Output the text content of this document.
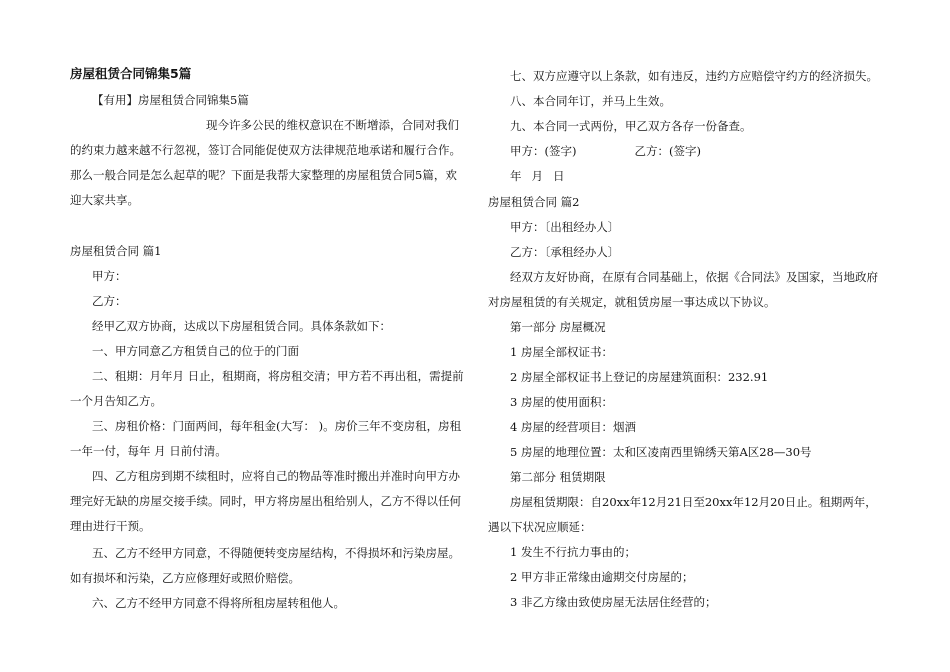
房屋租赁合同锦集5篇
【有用】房屋租赁合同锦集5篇
现今许多公民的维权意识在不断增添，合同对我们
的约束力越来越不行忽视，签订合同能促使双方法律规范地承诺和履行合作。
那么一般合同是怎么起草的呢？下面是我帮大家整理的房屋租赁合同5篇，欢
迎大家共享。
房屋租赁合同 篇1
甲方：
乙方：
经甲乙双方协商，达成以下房屋租赁合同。具体条款如下：
一、甲方同意乙方租赁自己的位于的门面
二、租期：月年月 日止，租期商，将房租交清；甲方若不再出租，需提前
一个月告知乙方。
三、房租价格：门面两间，每年租金(大写： )。房价三年不变房租，房租
一年一付，每年 月 日前付清。
四、乙方租房到期不续租时，应将自己的物品等准时搬出并准时向甲方办
理完好无缺的房屋交接手续。同时，甲方将房屋出租给别人，乙方不得以任何
理由进行干预。
五、乙方不经甲方同意，不得随便转变房屋结构，不得损坏和污染房屋。
如有损坏和污染，乙方应修理好或照价赔偿。
六、乙方不经甲方同意不得将所租房屋转租他人。
七、双方应遵守以上条款，如有违反，违约方应赔偿守约方的经济损失。
八、本合同年订，并马上生效。
九、本合同一式两份，甲乙双方各存一份备查。
甲方：(签字)	乙方：(签字)
年 月 日
房屋租赁合同 篇2
甲方：〔出租经办人〕
乙方：〔承租经办人〕
经双方友好协商，在原有合同基础上，依据《合同法》及国家，当地政府
对房屋租赁的有关规定，就租赁房屋一事达成以下协议。
第一部分 房屋概况
1 房屋全部权证书：
2 房屋全部权证书上登记的房屋建筑面积：232.91
3 房屋的使用面积：
4 房屋的经营项目：烟酒
5 房屋的地理位置：太和区凌南西里锦绣天第A区28—30号
第二部分 租赁期限
房屋租赁期限：自20xx年12月21日至20xx年12月20日止。租期两年，
遇以下状况应顺延：
1 发生不行抗力事由的；
2 甲方非正常缘由逾期交付房屋的；
3 非乙方缘由致使房屋无法居住经营的；
